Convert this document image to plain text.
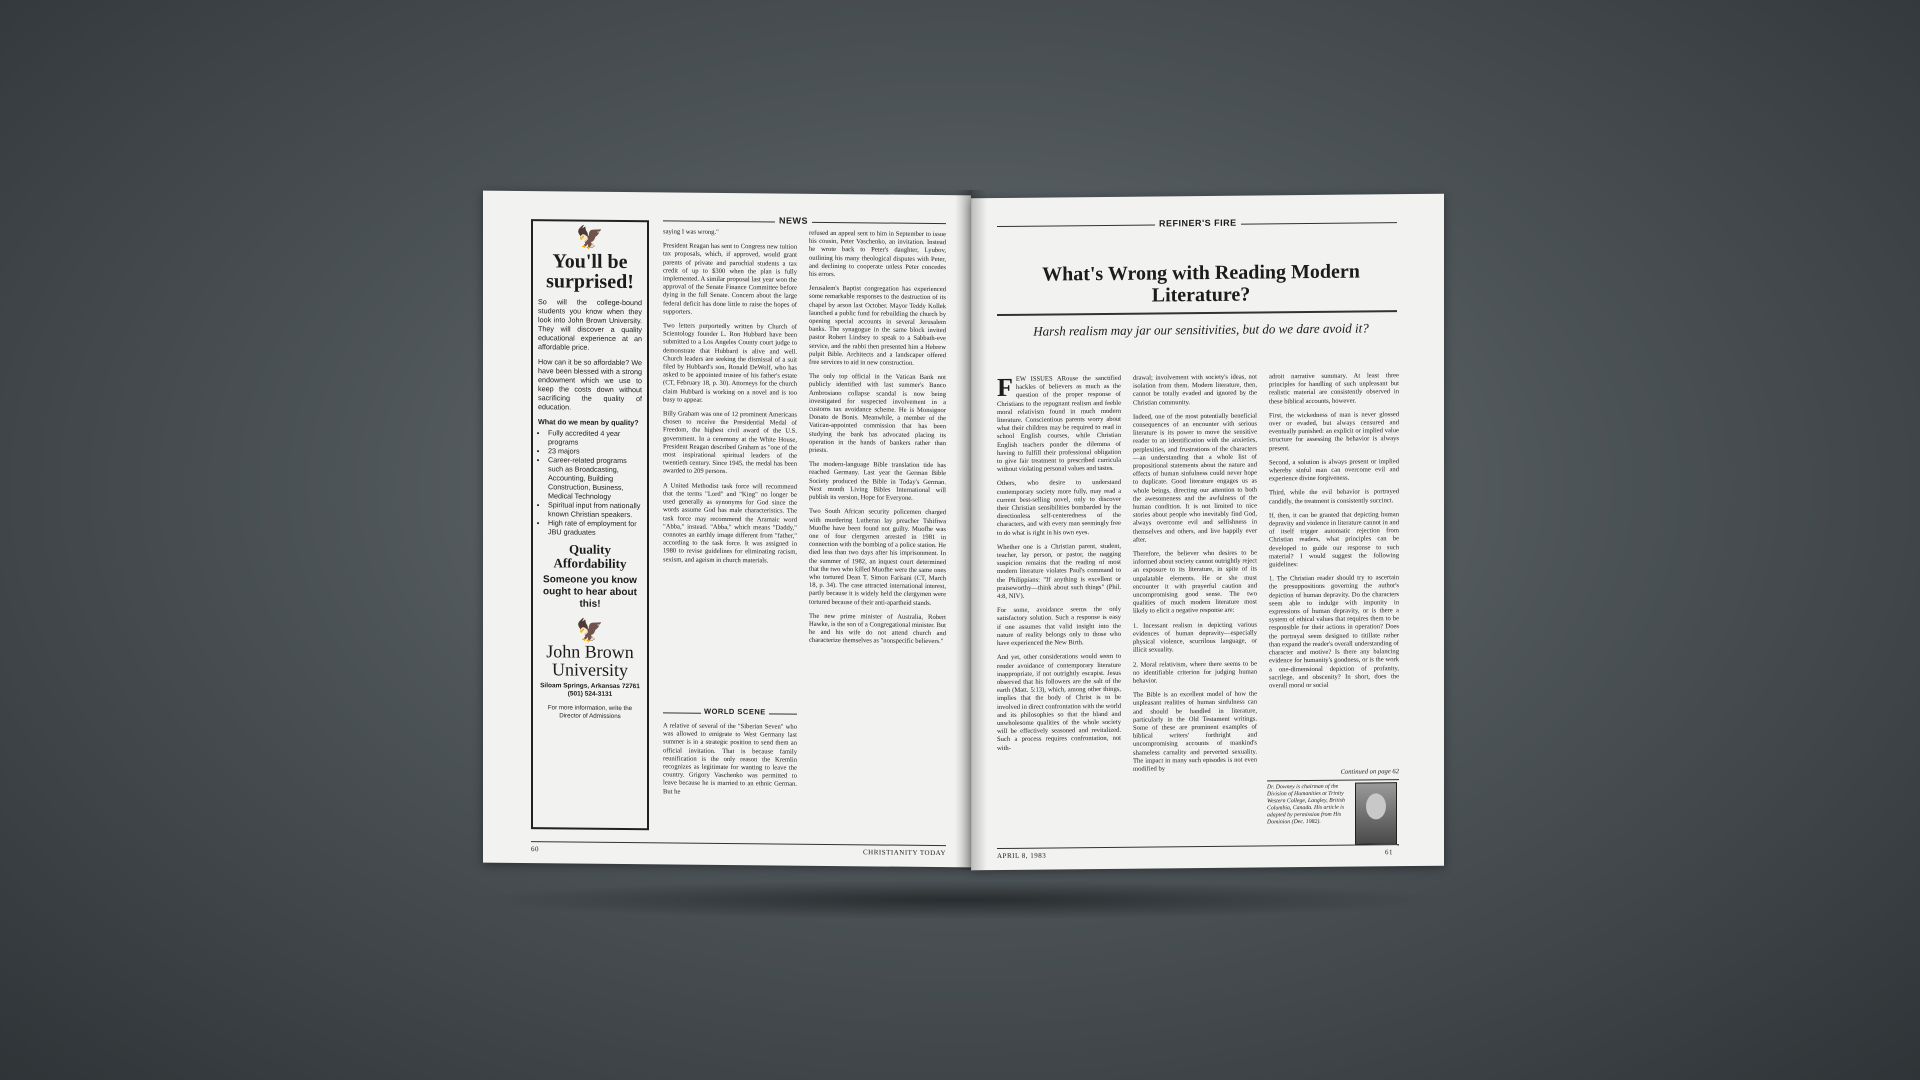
🦅
You'll be surprised!

So will the college-bound students you know when they look into John Brown University. They will discover a quality educational experience at an affordable price.

How can it be so affordable? We have been blessed with a strong endowment which we use to keep the costs down without sacrificing the quality of education.

What do we mean by quality?
• Fully accredited 4 year programs
• 23 majors
• Career-related programs such as Broadcasting, Accounting, Building Construction, Business, Medical Technology
• Spiritual input from nationally known Christian speakers.
• High rate of employment for JBU graduates
Quality Affordability
Someone you know ought to hear about this!
🦅
John Brown University
Siloam Springs, Arkansas 72761 (501) 524-3131
For more information, write the Director of Admissions
NEWS

saying I was wrong."

President Reagan has sent to Congress new tuition tax proposals, which, if approved, would grant parents of private and parochial students a tax credit of up to $300 when the plan is fully implemented. A similar proposal last year won the approval of the Senate Finance Committee before dying in the full Senate. Concern about the large federal deficit has done little to raise the hopes of supporters.

Two letters purportedly written by Church of Scientology founder L. Ron Hubbard have been submitted to a Los Angeles County court judge to demonstrate that Hubbard is alive and well. Church leaders are seeking the dismissal of a suit filed by Hubbard's son, Ronald DeWolf, who has asked to be appointed trustee of his father's estate (CT, February 18, p. 30). Attorneys for the church claim Hubbard is working on a novel and is too busy to appear.

Billy Graham was one of 12 prominent Americans chosen to receive the Presidential Medal of Freedom, the highest civil award of the U.S. government. In a ceremony at the White House, President Reagan described Graham as "one of the most inspirational spiritual leaders of the twentieth century. Since 1945, the medal has been awarded to 209 persons.

A United Methodist task force will recommend that the terms "Lord" and "King" no longer be used generally as synonyms for God since the words assume God has male characteristics. The task force may recommend the Aramaic word "Abba," instead. "Abba," which means "Daddy," connotes an earthly image different from "father," according to the task force. It was assigned in 1980 to revise guidelines for eliminating racism, sexism, and ageism in church materials.

WORLD SCENE

A relative of several of the "Siberian Seven" who was allowed to emigrate to West Germany last summer is in a strategic position to send them an official invitation. That is because family reunification is the only reason the Kremlin recognizes as legitimate for wanting to leave the country. Grigory Vaschenko was permitted to leave because he is married to an ethnic German. But he

refused an appeal sent to him in September to issue his cousin, Peter Vaschenko, an invitation. Instead he wrote back to Peter's daughter, Lyubov, outlining his many theological disputes with Peter, and declining to cooperate unless Peter concedes his errors.

Jerusalem's Baptist congregation has experienced some remarkable responses to the destruction of its chapel by arson last October. Mayor Teddy Kollek launched a public fund for rebuilding the church by opening special accounts in several Jerusalem banks. The synagogue in the same block invited pastor Robert Lindsey to speak to a Sabbath-eve service, and the rabbi then presented him a Hebrew pulpit Bible. Architects and a landscaper offered free services to aid in new construction.

The only top official in the Vatican Bank not publicly identified with last summer's Banco Ambrosiano collapse scandal is now being investigated for suspected involvement in a customs tax avoidance scheme. He is Monsignor Donato de Bonis. Meanwhile, a member of the Vatican-appointed commission that has been studying the bank has advocated placing its operation in the hands of bankers rather than priests.

The modern-language Bible translation tide has reached Germany. Last year the German Bible Society produced the Bible in Today's German. Next month Living Bibles International will publish its version, Hope for Everyone.

Two South African security policemen charged with murdering Lutheran lay preacher Tshifiwa Muofhe have been found not guilty. Muofhe was one of four clergymen arrested in 1981 in connection with the bombing of a police station. He died less than two days after his imprisonment. In the summer of 1982, an inquest court determined that the two who killed Muofhe were the same ones who tortured Dean T. Simon Farisani (CT, March 18, p. 34). The case attracted international interest, partly because it is widely held the clergymen were tortured because of their anti-apartheid stands.

The new prime minister of Australia, Robert Hawke, is the son of a Congregational minister. But he and his wife do not attend church and characterize themselves as "nonspecific believers."

60	CHRISTIANITY TODAY
REFINER'S FIRE
What's Wrong with Reading Modern Literature?
Harsh realism may jar our sensitivities, but do we dare avoid it?

FEW ISSUES ARouse the sanctified hackles of believers as much as the question of the proper response of Christians to the repugnant realism and feeble moral relativism found in much modern literature. Conscientious parents worry about what their children may be required to read in school English courses, while Christian English teachers ponder the dilemma of having to fulfill their professional obligation to give fair treatment to prescribed curricula without violating personal values and tastes.

Others, who desire to understand contemporary society more fully, may read a current best-selling novel, only to discover their Christian sensibilities bombarded by the directionless self-centeredness of the characters, and with every man seemingly free to do what is right in his own eyes.

Whether one is a Christian parent, student, teacher, lay person, or pastor, the nagging suspicion remains that the reading of most modern literature violates Paul's command to the Philippians: "If anything is excellent or praiseworthy—think about such things" (Phil. 4:8, NIV).

For some, avoidance seems the only satisfactory solution. Such a response is easy if one assumes that valid insight into the nature of reality belongs only to those who have experienced the New Birth.

And yet, other considerations would seem to render avoidance of contemporary literature inappropriate, if not outrightly escapist. Jesus observed that his followers are the salt of the earth (Matt. 5:13), which, among other things, implies that the body of Christ is to be involved in direct confrontation with the world and its philosophies so that the bland and unwholesome qualities of the whole society will be effectively seasoned and revitalized. Such a process requires confrontation, not with-

drawal; involvement with society's ideas, not isolation from them. Modern literature, then, cannot be totally evaded and ignored by the Christian community.

Indeed, one of the most potentially beneficial consequences of an encounter with serious literature is its power to move the sensitive reader to an identification with the anxieties, perplexities, and frustrations of the characters—an understanding that a whole list of propositional statements about the nature and effects of human sinfulness could never hope to duplicate. Good literature engages us as whole beings, directing our attention to both the awesomeness and the awfulness of the human condition. It is not limited to nice stories about people who inevitably find God, always overcome evil and selfishness in themselves and others, and live happily ever after.

Therefore, the believer who desires to be informed about society cannot outrightly reject an exposure to its literature, in spite of its unpalatable elements. He or she must encounter it with prayerful caution and uncompromising good sense. The two qualities of much modern literature most likely to elicit a negative response are:

1. Incessant realism in depicting various evidences of human depravity—especially physical violence, scurrilous language, or illicit sexuality.

2. Moral relativism, where there seems to be no identifiable criterion for judging human behavior.

The Bible is an excellent model of how the unpleasant realities of human sinfulness can and should be handled in literature, particularly in the Old Testament writings. Some of these are prominent examples of biblical writers' forthright and uncompromising accounts of mankind's shameless carnality and perverted sexuality. The impact in many such episodes is not even modified by

adroit narrative summary. At least three principles for handling of such unpleasant but realistic material are consistently observed in these biblical accounts, however.

First, the wickedness of man is never glossed over or evaded, but always censured and eventually punished: an explicit or implied value structure for assessing the behavior is always present.

Second, a solution is always present or implied whereby sinful man can overcome evil and experience divine forgiveness.

Third, while the evil behavior is portrayed candidly, the treatment is consistently succinct.

If, then, it can be granted that depicting human depravity and violence in literature cannot in and of itself trigger automatic rejection from Christian readers, what principles can be developed to guide our response to such material? I would suggest the following guidelines:

1. The Christian reader should try to ascertain the presuppositions governing the author's depiction of human depravity. Do the characters seem able to indulge with impunity in expressions of human depravity, or is there a system of ethical values that requires them to be responsible for their actions in operation? Does the portrayal seem designed to titillate rather than expand the reader's overall understanding of character and motive? Is there any balancing evidence for humanity's goodness, or is the work a one-dimensional depiction of profanity, sacrilege, and obscenity? In short, does the overall moral or social

Continued on page 62
Dr. Downey is chairman of the Division of Humanities at Trinity Western College, Langley, British Columbia, Canada. His article is adapted by permission from His Dominion (Dec. 1982).
APRIL 8, 1983	61
